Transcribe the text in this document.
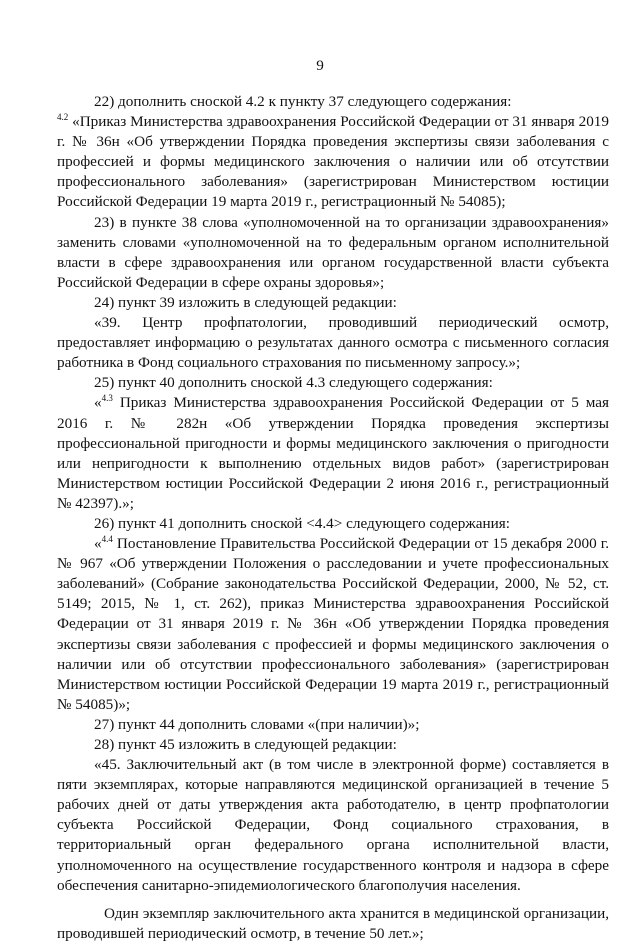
9

22) дополнить сноской 4.2 к пункту 37 следующего содержания:

$^{4.2}$ «Приказ Министерства здравоохранения Российской Федерации от 31 января 2019 г. № 36н «Об утверждении Порядка проведения экспертизы связи заболевания с профессией и формы медицинского заключения о наличии или об отсутствии профессионального заболевания» (зарегистрирован Министерством юстиции Российской Федерации 19 марта 2019 г., регистрационный № 54085);

23) в пункте 38 слова «уполномоченной на то организации здравоохранения» заменить словами «уполномоченной на то федеральным органом исполнительной власти в сфере здравоохранения или органом государственной власти субъекта Российской Федерации в сфере охраны здоровья»;

24) пункт 39 изложить в следующей редакции:

«39. Центр профпатологии, проводивший периодический осмотр, предоставляет информацию о результатах данного осмотра с письменного согласия работника в Фонд социального страхования по письменному запросу.»;

25) пункт 40 дополнить сноской 4.3 следующего содержания:

«$^{4.3}$ Приказ Министерства здравоохранения Российской Федерации от 5 мая 2016 г. № 282н «Об утверждении Порядка проведения экспертизы профессиональной пригодности и формы медицинского заключения о пригодности или непригодности к выполнению отдельных видов работ» (зарегистрирован Министерством юстиции Российской Федерации 2 июня 2016 г., регистрационный № 42397).»;

26) пункт 41 дополнить сноской <4.4> следующего содержания:

«$^{4.4}$ Постановление Правительства Российской Федерации от 15 декабря 2000 г. № 967 «Об утверждении Положения о расследовании и учете профессиональных заболеваний» (Собрание законодательства Российской Федерации, 2000, № 52, ст. 5149; 2015, № 1, ст. 262), приказ Министерства здравоохранения Российской Федерации от 31 января 2019 г. № 36н «Об утверждении Порядка проведения экспертизы связи заболевания с профессией и формы медицинского заключения о наличии или об отсутствии профессионального заболевания» (зарегистрирован Министерством юстиции Российской Федерации 19 марта 2019 г., регистрационный № 54085)»;

27) пункт 44 дополнить словами «(при наличии)»;

28) пункт 45 изложить в следующей редакции:

«45. Заключительный акт (в том числе в электронной форме) составляется в пяти экземплярах, которые направляются медицинской организацией в течение 5 рабочих дней от даты утверждения акта работодателю, в центр профпатологии субъекта Российской Федерации, Фонд социального страхования, в территориальный орган федерального органа исполнительной власти, уполномоченного на осуществление государственного контроля и надзора в сфере обеспечения санитарно-эпидемиологического благополучия населения.

Один экземпляр заключительного акта хранится в медицинской организации, проводившей периодический осмотр, в течение 50 лет.»;
